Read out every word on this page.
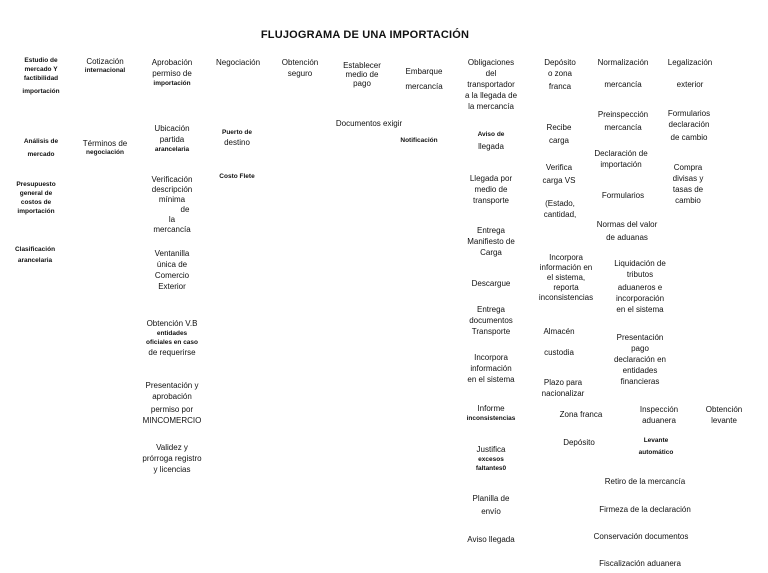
FLUJOGRAMA DE UNA IMPORTACIÓN
Estudio de
mercado Y
factibilidad
importación
Análisis de
mercado
Presupuesto
general de
costos de
importación
Clasificación
arancelaria
Cotización
internacional
Términos de
negociación
Aprobación
permiso de
importación
Ubicación
partida
arancelaria
Verificación
descripción
mínima
de
la
mercancía
Ventanilla
única de
Comercio
Exterior
Obtención V.B
entidades
oficiales en caso
de requerirse
Presentación y
aprobación
permiso por
MINCOMERCIO
Validez y
prórroga registro
y licencias
Negociación
Puerto de
destino
Costo Flete
Obtención
seguro
Establecer
medio de
pago
Documentos exigir
Embarque
mercancía
Notificación
Obligaciones
del
transportador
a la llegada de
la mercancía
Aviso de
llegada
Llegada por
medio de
transporte
Entrega
Manifiesto de
Carga
Descargue
Entrega
documentos
Transporte
Incorpora
información
en el sistema
Informe
inconsistencias
Justifica
excesos
faltantes0
Planilla de
envío
Aviso llegada
Depósito
o zona
franca
Recibe
carga
Verifica
carga VS
(Estado,
cantidad,
Incorpora
información en
el sistema,
reporta
inconsistencias
Almacén
custodia
Plazo para
nacionalizar
Normalización
mercancía
Preinspección
mercancía
Declaración de
importación
Formularios
Normas del valor
de aduanas
Liquidación de
tributos
aduaneros e
incorporación
en el sistema
Presentación
pago
declaración en
entidades
financieras
Zona franca
Depósito
Legalización
exterior
Formularios
declaración
de cambio
Compra
divisas y
tasas de
cambio
Inspección
aduanera
Levante
automático
Obtención
levante
Retiro de la mercancía
Firmeza de la declaración
Conservación documentos
Fiscalización aduanera
